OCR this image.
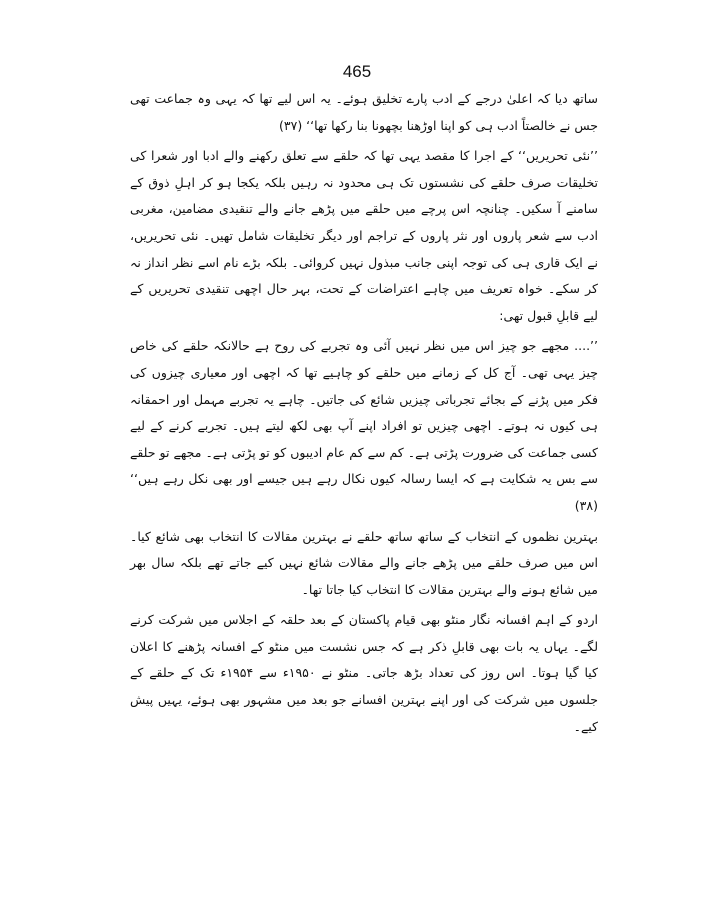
465

ساتھ دیا کہ اعلیٰ درجے کے ادب پارے تخلیق ہوئے۔ یہ اس لیے تھا کہ یہی وہ جماعت تھی جس نے خالصتاً ادب ہی کو اپنا اوڑھنا بچھونا بنا رکھا تھا‘‘ (۳۷)

’’نئی تحریریں‘‘ کے اجرا کا مقصد یہی تھا کہ حلقے سے تعلق رکھنے والے ادبا اور شعرا کی تخلیقات صرف حلقے کی نشستوں تک ہی محدود نہ رہیں بلکہ یکجا ہو کر اہلِ ذوق کے سامنے آ سکیں۔ چنانچہ اس پرچے میں حلقے میں پڑھے جانے والے تنقیدی مضامین، مغربی ادب سے شعر پاروں اور نثر پاروں کے تراجم اور دیگر تخلیقات شامل تھیں۔ نئی تحریریں، نے ایک قاری ہی کی توجہ اپنی جانب مبذول نہیں کروائی۔ بلکہ بڑے نام اسے نظر انداز نہ کر سکے۔ خواہ تعریف میں چاہے اعتراضات کے تحت، بہر حال اچھی تنقیدی تحریریں کے لیے قابلِ قبول تھی:

’’.... مجھے جو چیز اس میں نظر نہیں آئی وہ تجربے کی روح ہے حالانکہ حلقے کی خاص چیز یہی تھی۔ آج کل کے زمانے میں حلقے کو چاہیے تھا کہ اچھی اور معیاری چیزوں کی فکر میں پڑنے کے بجائے تجرباتی چیزیں شائع کی جاتیں۔ چاہے یہ تجربے مہمل اور احمقانہ ہی کیوں نہ ہوتے۔ اچھی چیزیں تو افراد اپنے آپ بھی لکھ لیتے ہیں۔ تجربے کرنے کے لیے کسی جماعت کی ضرورت پڑتی ہے۔ کم سے کم عام ادیبوں کو تو پڑتی ہے۔ مجھے تو حلقے سے بس یہ شکایت ہے کہ ایسا رسالہ کیوں نکال رہے ہیں جیسے اور بھی نکل رہے ہیں‘‘ (۳۸)

بہترین نظموں کے انتخاب کے ساتھ ساتھ حلقے نے بہترین مقالات کا انتخاب بھی شائع کیا۔ اس میں صرف حلقے میں پڑھے جانے والے مقالات شائع نہیں کیے جاتے تھے بلکہ سال بھر میں شائع ہونے والے بہترین مقالات کا انتخاب کیا جاتا تھا۔

اردو کے اہم افسانہ نگار منٹو بھی قیام پاکستان کے بعد حلقہ کے اجلاس میں شرکت کرنے لگے۔ یہاں یہ بات بھی قابلِ ذکر ہے کہ جس نشست میں منٹو کے افسانہ پڑھنے کا اعلان کیا گیا ہوتا۔ اس روز کی تعداد بڑھ جاتی۔ منٹو نے ۱۹۵۰ء سے ۱۹۵۴ء تک کے حلقے کے جلسوں میں شرکت کی اور اپنے بہترین افسانے جو بعد میں مشہور بھی ہوئے، یہیں پیش کیے۔
